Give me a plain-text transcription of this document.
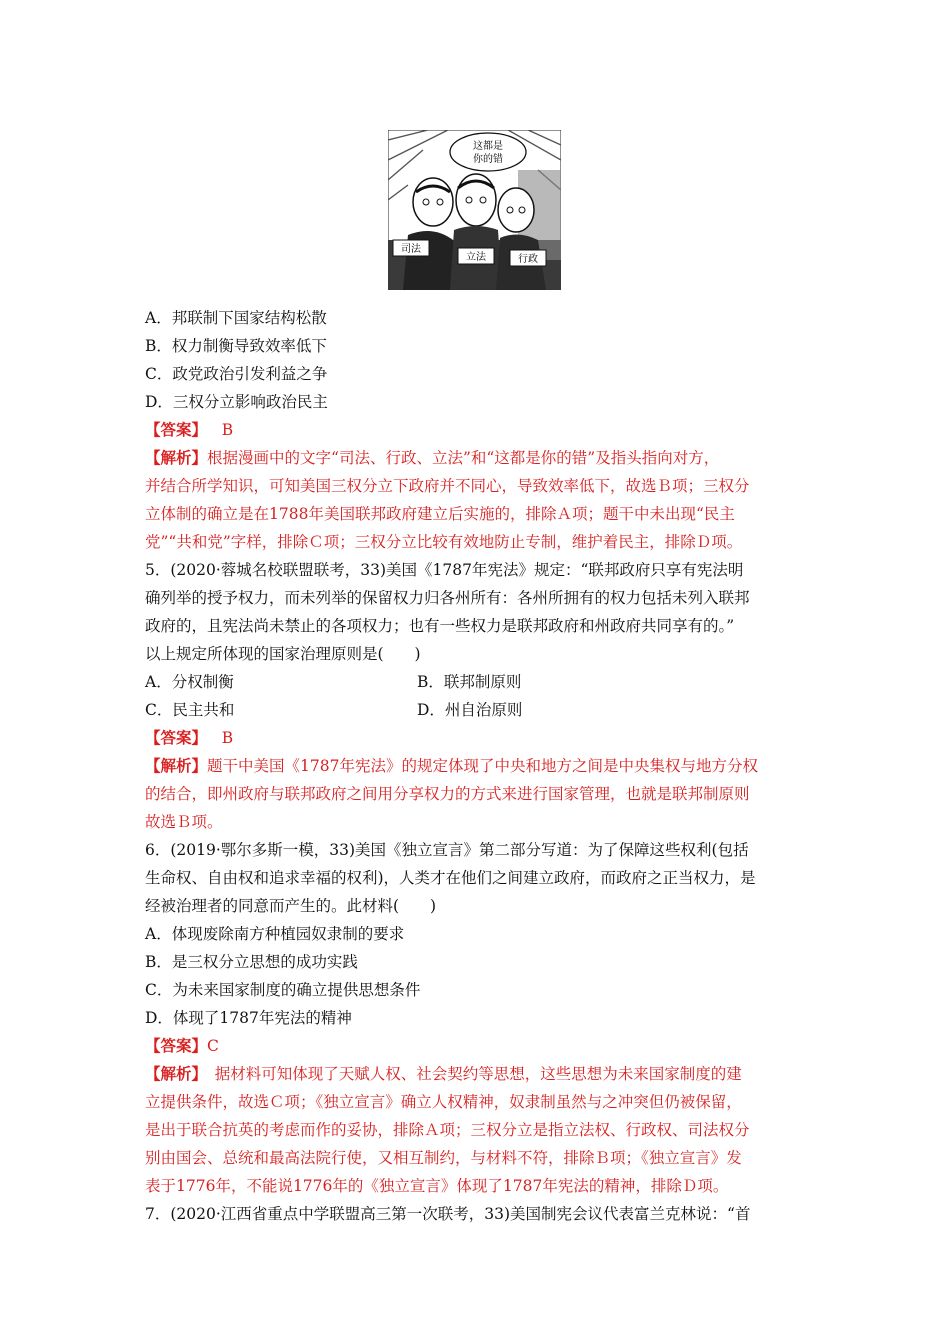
这都是
你的错
司法
立法	行政
A．邦联制下国家结构松散
B．权力制衡导致效率低下
C．政党政治引发利益之争
D．三权分立影响政治民主
【答案】 B
【解析】根据漫画中的文字“司法、行政、立法”和“这都是你的错”及指头指向对方，
并结合所学知识，可知美国三权分立下政府并不同心，导致效率低下，故选Ｂ项；三权分
立体制的确立是在1788年美国联邦政府建立后实施的，排除Ａ项；题干中未出现“民主
党”“共和党”字样，排除Ｃ项；三权分立比较有效地防止专制，维护着民主，排除Ｄ项。
5．(2020·蓉城名校联盟联考，33)美国《1787年宪法》规定：“联邦政府只享有宪法明
确列举的授予权力，而未列举的保留权力归各州所有：各州所拥有的权力包括未列入联邦
政府的，且宪法尚未禁止的各项权力；也有一些权力是联邦政府和州政府共同享有的。”
以上规定所体现的国家治理原则是(　　)
A．分权制衡	B．联邦制原则
C．民主共和	D．州自治原则
【答案】 B
【解析】题干中美国《1787年宪法》的规定体现了中央和地方之间是中央集权与地方分权
的结合，即州政府与联邦政府之间用分享权力的方式来进行国家管理，也就是联邦制原则
故选Ｂ项。
6．(2019·鄂尔多斯一模，33)美国《独立宣言》第二部分写道：为了保障这些权利(包括
生命权、自由权和追求幸福的权利)，人类才在他们之间建立政府，而政府之正当权力，是
经被治理者的同意而产生的。此材料(　　)
A．体现废除南方种植园奴隶制的要求
B．是三权分立思想的成功实践
C．为未来国家制度的确立提供思想条件
D．体现了1787年宪法的精神
【答案】C
【解析】　据材料可知体现了天赋人权、社会契约等思想，这些思想为未来国家制度的建
立提供条件，故选Ｃ项；《独立宣言》确立人权精神，奴隶制虽然与之冲突但仍被保留，
是出于联合抗英的考虑而作的妥协，排除Ａ项；三权分立是指立法权、行政权、司法权分
别由国会、总统和最高法院行使，又相互制约，与材料不符，排除Ｂ项；《独立宣言》发
表于1776年，不能说1776年的《独立宣言》体现了1787年宪法的精神，排除Ｄ项。
7．(2020·江西省重点中学联盟高三第一次联考，33)美国制宪会议代表富兰克林说：“首
